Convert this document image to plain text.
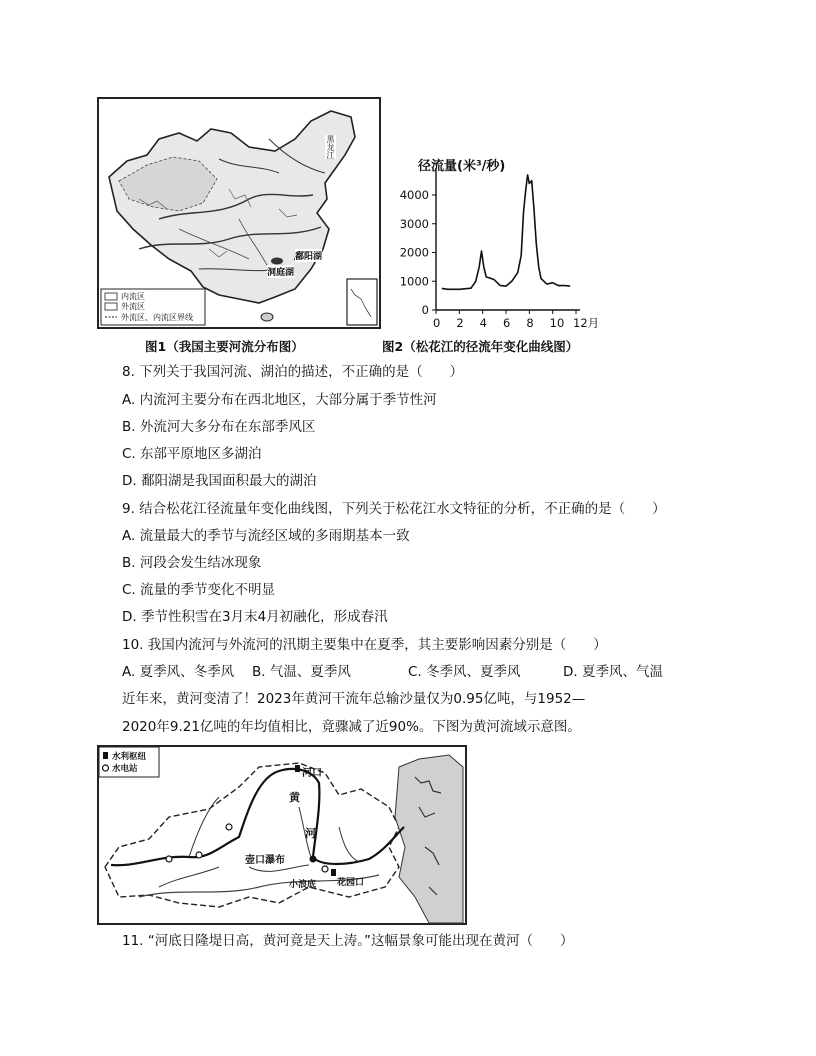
黑龙江
洞庭湖
鄱阳湖
内流区
外流区
外流区、内流区界线
径流量(米³/秒)
0
1000
2000
3000
4000
0 2 4 6 8 10 12月
图1（我国主要河流分布图）	图2（松花江的径流年变化曲线图）
8. 下列关于我国河流、湖泊的描述，不正确的是（　　）
A. 内流河主要分布在西北地区，大部分属于季节性河
B. 外流河大多分布在东部季风区
C. 东部平原地区多湖泊
D. 鄱阳湖是我国面积最大的湖泊
9. 结合松花江径流量年变化曲线图，下列关于松花江水文特征的分析，不正确的是（　　）
A. 流量最大的季节与流经区域的多雨期基本一致
B. 河段会发生结冰现象
C. 流量的季节变化不明显
D. 季节性积雪在3月末4月初融化，形成春汛
10. 我国内流河与外流河的汛期主要集中在夏季，其主要影响因素分别是（　　）
A. 夏季风、冬季风 B. 气温、夏季风	C. 冬季风、夏季风	D. 夏季风、气温
近年来，黄河变清了！2023年黄河干流年总输沙量仅为0.95亿吨，与1952—
2020年9.21亿吨的年均值相比，竟骤减了近90%。下图为黄河流域示意图。
水利枢纽
水电站	河口
黄
河
壶口瀑布
小浪底 花园口
11. “河底日隆堤日高，黄河竟是天上涛。”这幅景象可能出现在黄河（　　）
